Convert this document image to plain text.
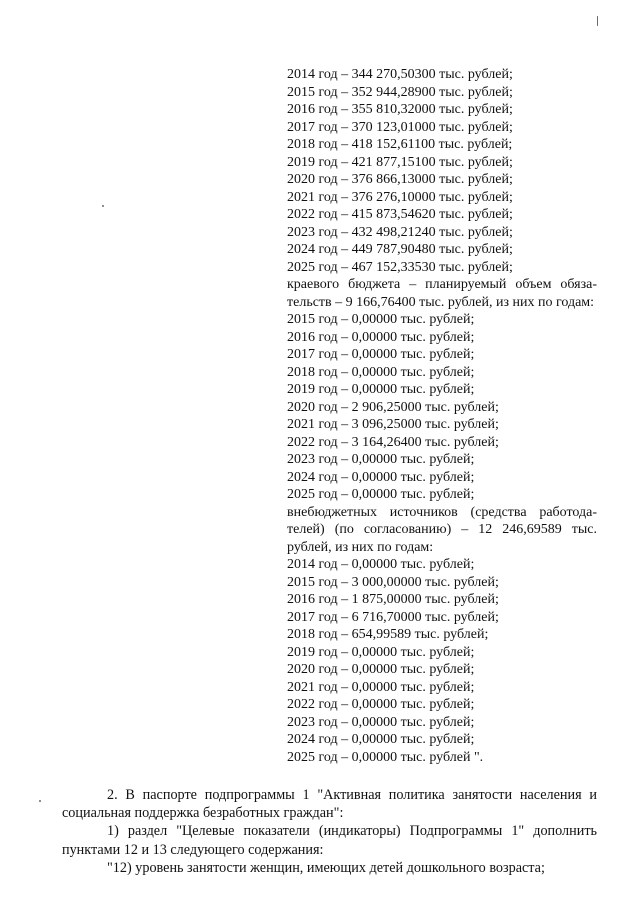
2014 год – 344 270,50300 тыс. рублей;

2015 год – 352 944,28900 тыс. рублей;

2016 год – 355 810,32000 тыс. рублей;

2017 год – 370 123,01000 тыс. рублей;

2018 год – 418 152,61100 тыс. рублей;

2019 год – 421 877,15100 тыс. рублей;

2020 год – 376 866,13000 тыс. рублей;

2021 год – 376 276,10000 тыс. рублей;

2022 год – 415 873,54620 тыс. рублей;

2023 год – 432 498,21240 тыс. рублей;

2024 год – 449 787,90480 тыс. рублей;

2025 год – 467 152,33530 тыс. рублей;

краевого бюджета – планируемый объем обяза-тельств – 9 166,76400 тыс. рублей, из них по годам:

2015 год – 0,00000 тыс. рублей;

2016 год – 0,00000 тыс. рублей;

2017 год – 0,00000 тыс. рублей;

2018 год – 0,00000 тыс. рублей;

2019 год – 0,00000 тыс. рублей;

2020 год – 2 906,25000 тыс. рублей;

2021 год – 3 096,25000 тыс. рублей;

2022 год – 3 164,26400 тыс. рублей;

2023 год – 0,00000 тыс. рублей;

2024 год – 0,00000 тыс. рублей;

2025 год – 0,00000 тыс. рублей;

внебюджетных источников (средства работода-телей) (по согласованию) – 12 246,69589 тыс. рублей, из них по годам:

2014 год – 0,00000 тыс. рублей;

2015 год – 3 000,00000 тыс. рублей;

2016 год – 1 875,00000 тыс. рублей;

2017 год – 6 716,70000 тыс. рублей;

2018 год – 654,99589 тыс. рублей;

2019 год – 0,00000 тыс. рублей;

2020 год – 0,00000 тыс. рублей;

2021 год – 0,00000 тыс. рублей;

2022 год – 0,00000 тыс. рублей;

2023 год – 0,00000 тыс. рублей;

2024 год – 0,00000 тыс. рублей;

2025 год – 0,00000 тыс. рублей ".

2. В паспорте подпрограммы 1 "Активная политика занятости населения и социальная поддержка безработных граждан":

1) раздел "Целевые показатели (индикаторы) Подпрограммы 1" дополнить пунктами 12 и 13 следующего содержания:

"12) уровень занятости женщин, имеющих детей дошкольного возраста;
